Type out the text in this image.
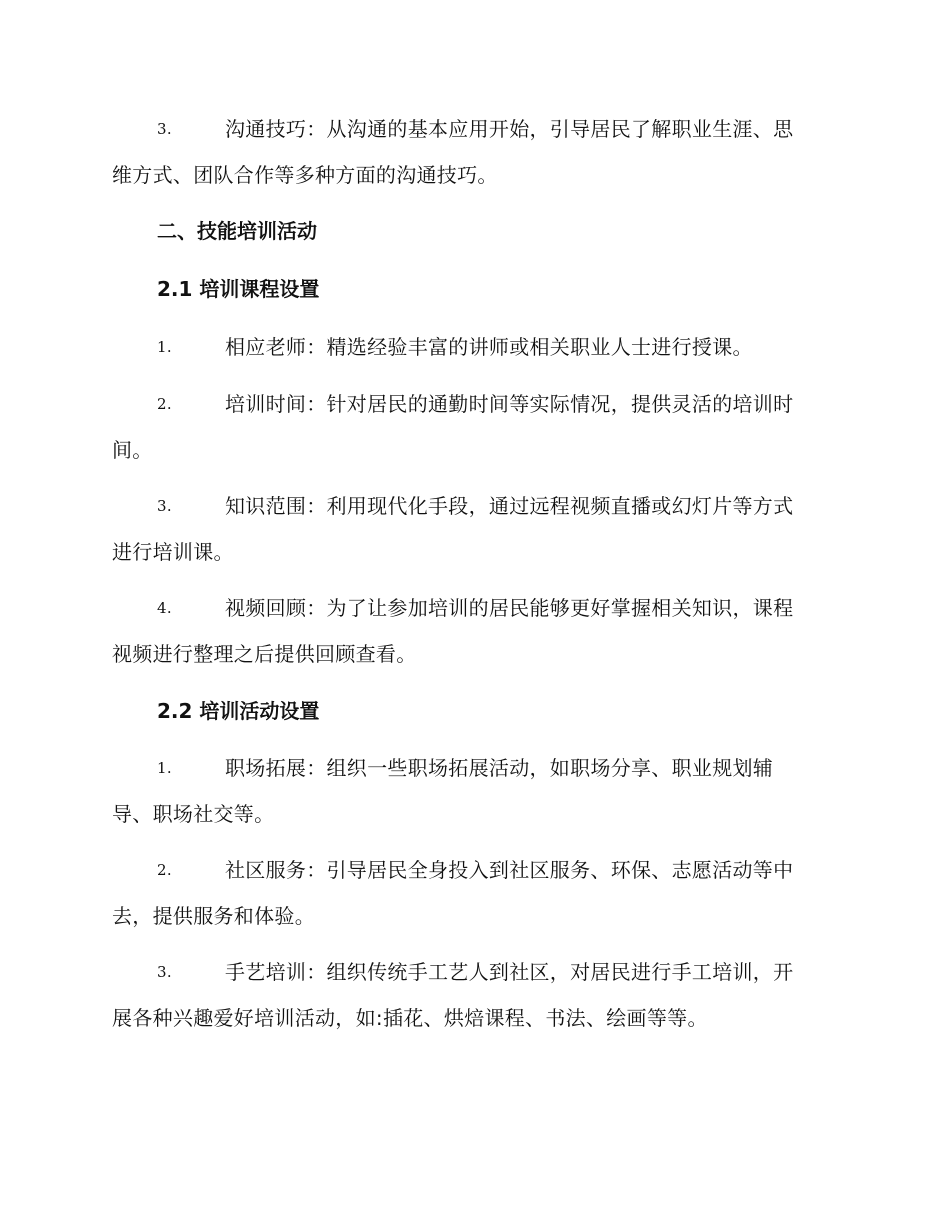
3.	沟通技巧：从沟通的基本应用开始，引导居民了解职业生涯、思
维方式、团队合作等多种方面的沟通技巧。
二、技能培训活动
2.1 培训课程设置
1.	相应老师：精选经验丰富的讲师或相关职业人士进行授课。
2.	培训时间：针对居民的通勤时间等实际情况，提供灵活的培训时
间。
3.	知识范围：利用现代化手段，通过远程视频直播或幻灯片等方式
进行培训课。
4.	视频回顾：为了让参加培训的居民能够更好掌握相关知识，课程
视频进行整理之后提供回顾查看。
2.2 培训活动设置
1.	职场拓展：组织一些职场拓展活动，如职场分享、职业规划辅
导、职场社交等。
2.	社区服务：引导居民全身投入到社区服务、环保、志愿活动等中
去，提供服务和体验。
3.	手艺培训：组织传统手工艺人到社区，对居民进行手工培训，开
展各种兴趣爱好培训活动，如:插花、烘焙课程、书法、绘画等等。
